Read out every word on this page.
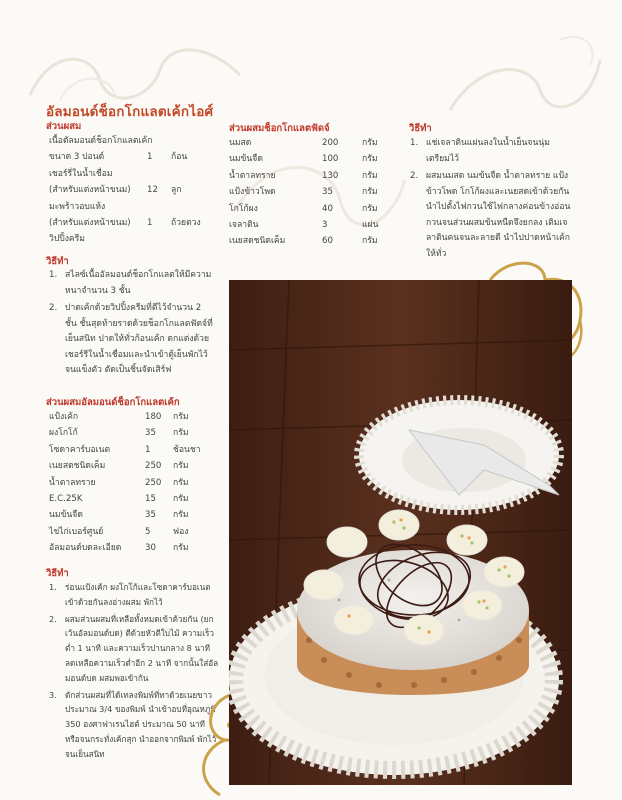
อัลมอนด์ช็อกโกแลตเค้กไอศ์
ส่วนผสม
เนื้อดัลมอนด์ช็อกโกแลตเค้ก
ขนาด 3 ปอนด์	1 ก้อน
เชอร์รี่ในน้ำเชื่อม
(สำหรับแต่งหน้าขนม) 12 ลูก
มะพร้าวอบแห้ง
(สำหรับแต่งหน้าขนม) 1 ถ้วยตวง
วิปปิ้งครีม
วิธีทำ
1. สไลซ์เนื้ออัลมอนด์ช็อกโกแลตให้มีความหนาจำนวน 3 ชั้น
2. ปาดเค้กด้วยวิปปิ้งครีมที่ตีไว้จำนวน 2 ชั้น ชั้นสุดท้ายราดด้วยช็อกโกแลตฟัดจ์ที่เย็นสนิท ปาดให้ทั่วก้อนเค้ก ตกแต่งด้วยเชอร์รีในน้ำเชื่อมและนำเข้าตู้เย็นพักไว้จนแข็งตัว ตัดเป็นชิ้นจัดเสิร์ฟ
ส่วนผสมอัลมอนด์ช็อกโกแลตเค้ก
แป้งเค้ก	180 กรัม
ผงโกโก้	35 กรัม
โซดาคาร์บอเนต	1	ช้อนชา
เนยสดชนิดเค็ม	250 กรัม
น้ำตาลทราย	250 กรัม
E.C.25K	15 กรัม
นมข้นจืด	35 กรัม
ไข่ไก่เบอร์ศูนย์	5	ฟอง
อัลมอนด์บดละเอียด	30 กรัม
วิธีทำ
1. ร่อนแป้งเค้ก ผงโกโก้และโซดาคาร์บอเนต เข้าด้วยกันลงอ่างผสม พักไว้
2. ผสมส่วนผสมที่เหลือทั้งหมดเข้าด้วยกัน (ยกเว้นอัลมอนด์บด) ตีด้วยหัวตีใบไม้ ความเร็วต่ำ 1 นาที และความเร็วปานกลาง 8 นาที ลดเหลือความเร็วต่ำอีก 2 นาที จากนั้นใส่อัลมอนด์บด ผสมพอเข้ากัน
3. ตักส่วนผสมที่ได้เทลงพิมพ์ที่ทาด้วยเนยขาวประมาณ 3/4 ของพิมพ์ นำเข้าอบที่อุณหภูมิ 350 องศาฟาเรนไฮต์ ประมาณ 50 นาทีหรือจนกระทั่งเค้กสุก นำออกจากพิมพ์ พักไว้จนเย็นสนิท
ส่วนผสมช็อกโกแลตฟัดจ์
นมสด	200	กรัม
นมข้นจืด	100	กรัม
น้ำตาลทราย	130	กรัม
แป้งข้าวโพด	35	กรัม
โกโก้ผง	40	กรัม
เจลาติน	3	แผ่น
เนยสดชนิดเค็ม	60	กรัม
วิธีทำ
1. แช่เจลาตินแผ่นลงในน้ำเย็นจนนุ่ม เตรียมไว้
2. ผสมนมสด นมข้นจืด น้ำตาลทราย แป้งข้าวโพด โกโก้ผงและเนยสดเข้าด้วยกัน นำไปตั้งไฟกวนใช้ไฟกลางค่อนข้างอ่อน กวนจนส่วนผสมข้นหนืดจึงยกลง เติมเจลาตินคนจนละลายดี นำไปปาดหน้าเค้กให้ทั่ว
